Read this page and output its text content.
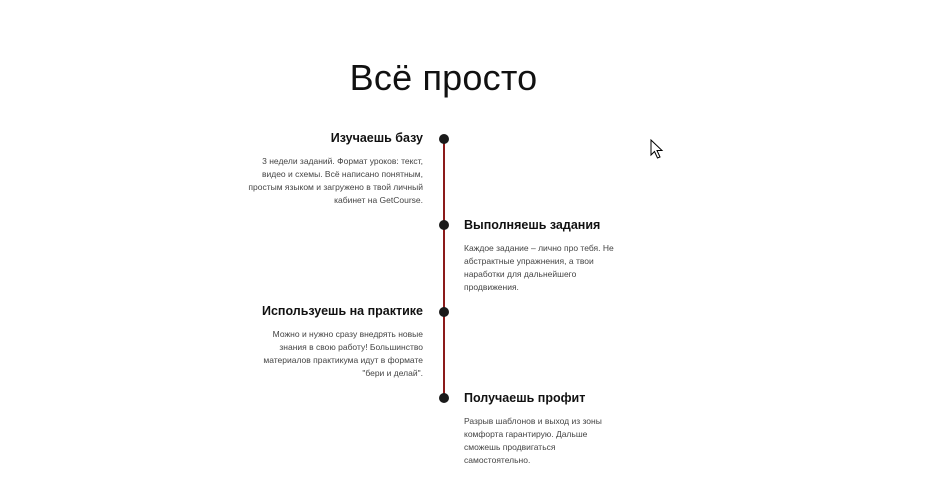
Всё просто
Изучаешь базу

3 недели заданий. Формат уроков: текст, видео и схемы. Всё написано понятным, простым языком и загружено в твой личный кабинет на GetCourse.

Выполняешь задания

Каждое задание – лично про тебя. Не абстрактные упражнения, а твои наработки для дальнейшего продвижения.

Используешь на практике

Можно и нужно сразу внедрять новые знания в свою работу! Большинство материалов практикума идут в формате "бери и делай".

Получаешь профит

Разрыв шаблонов и выход из зоны комфорта гарантирую. Дальше сможешь продвигаться самостоятельно.
